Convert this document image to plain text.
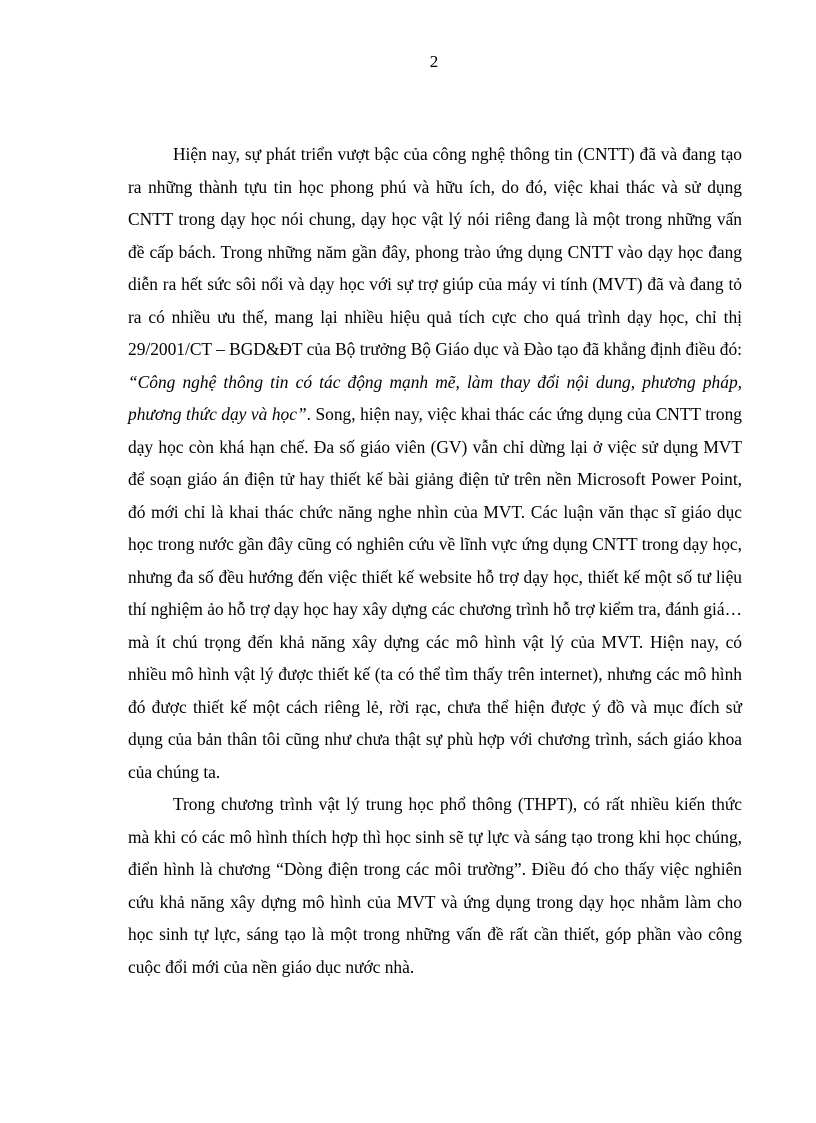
2

Hiện nay, sự phát triển vượt bậc của công nghệ thông tin (CNTT) đã và đang tạo ra những thành tựu tin học phong phú và hữu ích, do đó, việc khai thác và sử dụng CNTT trong dạy học nói chung, dạy học vật lý nói riêng đang là một trong những vấn đề cấp bách. Trong những năm gần đây, phong trào ứng dụng CNTT vào dạy học đang diễn ra hết sức sôi nổi và dạy học với sự trợ giúp của máy vi tính (MVT) đã và đang tỏ ra có nhiều ưu thế, mang lại nhiều hiệu quả tích cực cho quá trình dạy học, chỉ thị 29/2001/CT – BGD&ĐT của Bộ trưởng Bộ Giáo dục và Đào tạo đã khẳng định điều đó: “Công nghệ thông tin có tác động mạnh mẽ, làm thay đổi nội dung, phương pháp, phương thức dạy và học”. Song, hiện nay, việc khai thác các ứng dụng của CNTT trong dạy học còn khá hạn chế. Đa số giáo viên (GV) vẫn chỉ dừng lại ở việc sử dụng MVT để soạn giáo án điện tử hay thiết kế bài giảng điện tử trên nền Microsoft Power Point, đó mới chỉ là khai thác chức năng nghe nhìn của MVT. Các luận văn thạc sĩ giáo dục học trong nước gần đây cũng có nghiên cứu về lĩnh vực ứng dụng CNTT trong dạy học, nhưng đa số đều hướng đến việc thiết kế website hỗ trợ dạy học, thiết kế một số tư liệu thí nghiệm ảo hỗ trợ dạy học hay xây dựng các chương trình hỗ trợ kiểm tra, đánh giá…mà ít chú trọng đến khả năng xây dựng các mô hình vật lý của MVT. Hiện nay, có nhiều mô hình vật lý được thiết kế (ta có thể tìm thấy trên internet), nhưng các mô hình đó được thiết kế một cách riêng lẻ, rời rạc, chưa thể hiện được ý đồ và mục đích sử dụng của bản thân tôi cũng như chưa thật sự phù hợp với chương trình, sách giáo khoa của chúng ta.

Trong chương trình vật lý trung học phổ thông (THPT), có rất nhiều kiến thức mà khi có các mô hình thích hợp thì học sinh sẽ tự lực và sáng tạo trong khi học chúng, điển hình là chương “Dòng điện trong các môi trường”. Điều đó cho thấy việc nghiên cứu khả năng xây dựng mô hình của MVT và ứng dụng trong dạy học nhằm làm cho học sinh tự lực, sáng tạo là một trong những vấn đề rất cần thiết, góp phần vào công cuộc đổi mới của nền giáo dục nước nhà.
